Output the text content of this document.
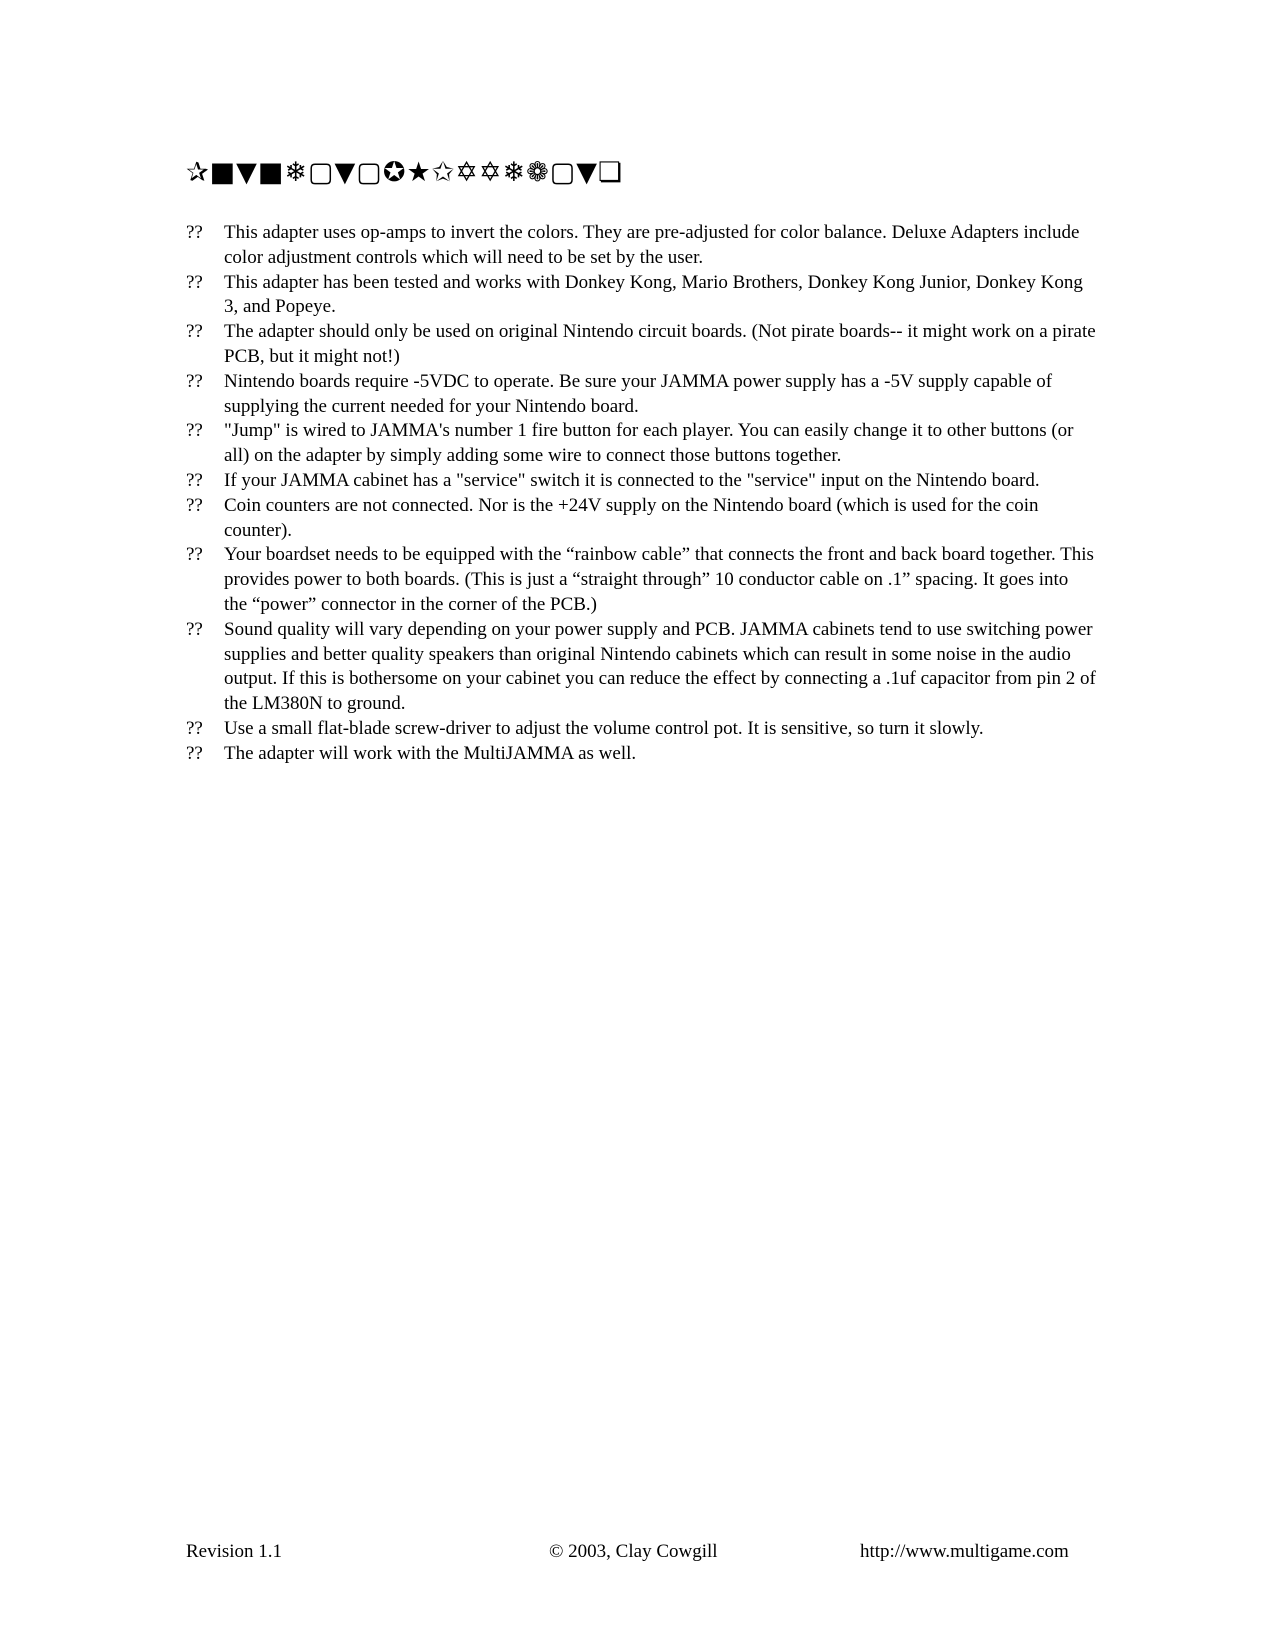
✰■▼■❄▢▼▢✪★✩✡✡❄❁▢▼❏
??	This adapter uses op-amps to invert the colors. They are pre-adjusted for color balance. Deluxe Adapters include color adjustment controls which will need to be set by the user.
??	This adapter has been tested and works with Donkey Kong, Mario Brothers, Donkey Kong Junior, Donkey Kong 3, and Popeye.
??	The adapter should only be used on original Nintendo circuit boards. (Not pirate boards-- it might work on a pirate PCB, but it might not!)
??	Nintendo boards require -5VDC to operate. Be sure your JAMMA power supply has a -5V supply capable of supplying the current needed for your Nintendo board.
??	"Jump" is wired to JAMMA's number 1 fire button for each player. You can easily change it to other buttons (or all) on the adapter by simply adding some wire to connect those buttons together.
??	If your JAMMA cabinet has a "service" switch it is connected to the "service" input on the Nintendo board.
??	Coin counters are not connected. Nor is the +24V supply on the Nintendo board (which is used for the coin counter).
??	Your boardset needs to be equipped with the “rainbow cable” that connects the front and back board together. This provides power to both boards. (This is just a “straight through” 10 conductor cable on .1” spacing. It goes into the “power” connector in the corner of the PCB.)
??	Sound quality will vary depending on your power supply and PCB. JAMMA cabinets tend to use switching power supplies and better quality speakers than original Nintendo cabinets which can result in some noise in the audio output. If this is bothersome on your cabinet you can reduce the effect by connecting a .1uf capacitor from pin 2 of the LM380N to ground.
??	Use a small flat-blade screw-driver to adjust the volume control pot. It is sensitive, so turn it slowly.
??	The adapter will work with the MultiJAMMA as well.
Revision 1.1	© 2003, Clay Cowgill	http://www.multigame.com
